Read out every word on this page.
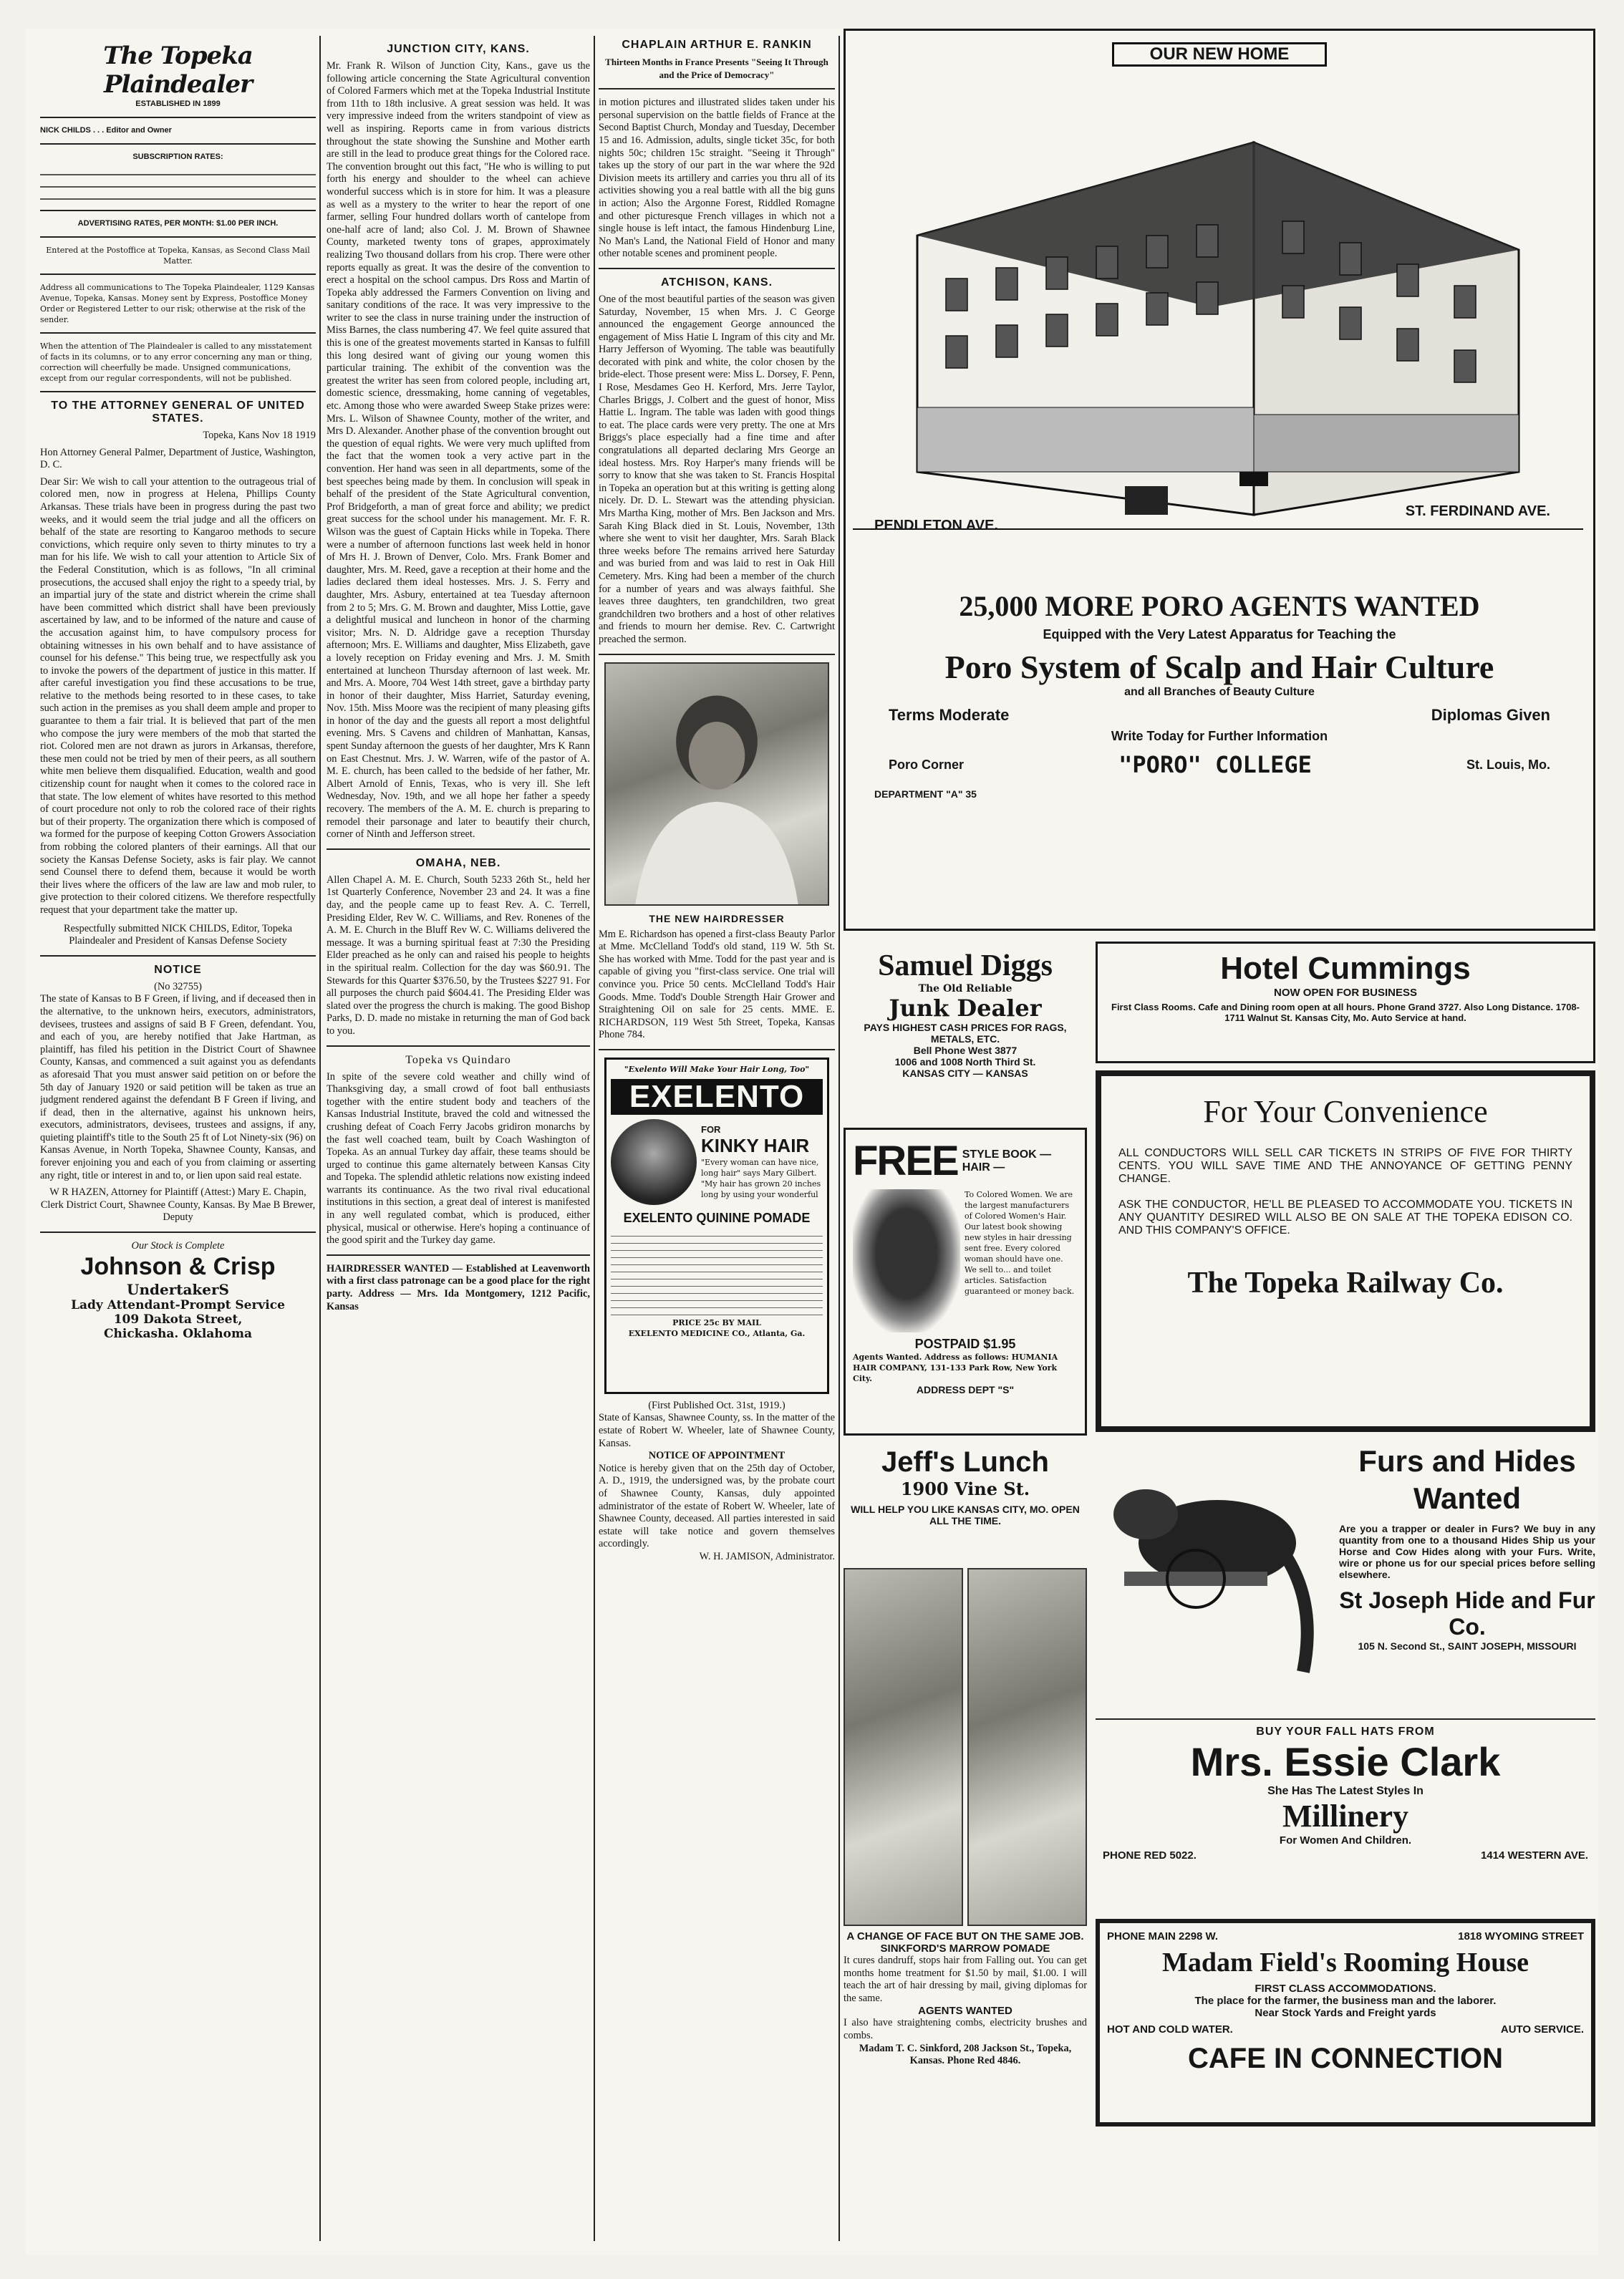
The Topeka Plaindealer
ESTABLISHED IN 1899
NICK CHILDS . . . Editor and Owner
SUBSCRIPTION RATES:
ADVERTISING RATES, PER MONTH: $1.00 PER INCH.
Entered at the Postoffice at Topeka, Kansas, as Second Class Mail Matter.
Address all communications to The Topeka Plaindealer, 1129 Kansas Avenue, Topeka, Kansas. Money sent by Express, Postoffice Money Order or Registered Letter to our risk; otherwise at the risk of the sender.
When the attention of The Plaindealer is called to any misstatement of facts in its columns, or to any error concerning any man or thing, correction will cheerfully be made. Unsigned communications, except from our regular correspondents, will not be published.
TO THE ATTORNEY GENERAL OF UNITED STATES.
Topeka, Kans Nov 18 1919
Hon Attorney General Palmer, Department of Justice, Washington, D. C.
Dear Sir: We wish to call your attention to the outrageous trial of colored men, now in progress at Helena, Phillips County Arkansas. These trials have been in progress during the past two weeks, and it would seem the trial judge and all the officers on behalf of the state are resorting to Kangaroo methods to secure convictions, which require only seven to thirty minutes to try a man for his life. We wish to call your attention to Article Six of the Federal Constitution, which is as follows, "In all criminal prosecutions, the accused shall enjoy the right to a speedy trial, by an impartial jury of the state and district wherein the crime shall have been committed which district shall have been previously ascertained by law, and to be informed of the nature and cause of the accusation against him, to have compulsory process for obtaining witnesses in his own behalf and to have assistance of counsel for his defense." This being true, we respectfully ask you to invoke the powers of the department of justice in this matter. If after careful investigation you find these accusations to be true, relative to the methods being resorted to in these cases, to take such action in the premises as you shall deem ample and proper to guarantee to them a fair trial. It is believed that part of the men who compose the jury were members of the mob that started the riot. Colored men are not drawn as jurors in Arkansas, therefore, these men could not be tried by men of their peers, as all southern white men believe them disqualified. Education, wealth and good citizenship count for naught when it comes to the colored race in that state. The low element of whites have resorted to this method of court procedure not only to rob the colored race of their rights but of their property. The organization there which is composed of wa formed for the purpose of keeping Cotton Growers Association from robbing the colored planters of their earnings. All that our society the Kansas Defense Society, asks is fair play. We cannot send Counsel there to defend them, because it would be worth their lives where the officers of the law are law and mob ruler, to give protection to their colored citizens. We therefore respectfully request that your department take the matter up.
Respectfully submitted NICK CHILDS, Editor, Topeka Plaindealer and President of Kansas Defense Society
NOTICE
(No 32755)
The state of Kansas to B F Green, if living, and if deceased then in the alternative, to the unknown heirs, executors, administrators, devisees, trustees and assigns of said B F Green, defendant. You, and each of you, are hereby notified that Jake Hartman, as plaintiff, has filed his petition in the District Court of Shawnee County, Kansas, and commenced a suit against you as defendants as aforesaid That you must answer said petition on or before the 5th day of January 1920 or said petition will be taken as true an judgment rendered against the defendant B F Green if living, and if dead, then in the alternative, against his unknown heirs, executors, administrators, devisees, trustees and assigns, if any, quieting plaintiff's title to the South 25 ft of Lot Ninety-six (96) on Kansas Avenue, in North Topeka, Shawnee County, Kansas, and forever enjoining you and each of you from claiming or asserting any right, title or interest in and to, or lien upon said real estate.
W R HAZEN, Attorney for Plaintiff (Attest:) Mary E. Chapin, Clerk District Court, Shawnee County, Kansas. By Mae B Brewer, Deputy
Our Stock is Complete
Johnson & Crisp
UndertakerS
Lady Attendant-Prompt Service
109 Dakota Street,
Chickasha. Oklahoma
JUNCTION CITY, KANS.
Mr. Frank R. Wilson of Junction City, Kans., gave us the following article concerning the State Agricultural convention of Colored Farmers which met at the Topeka Industrial Institute from 11th to 18th inclusive. A great session was held. It was very impressive indeed from the writers standpoint of view as well as inspiring. Reports came in from various districts throughout the state showing the Sunshine and Mother earth are still in the lead to produce great things for the Colored race. The convention brought out this fact, "He who is willing to put forth his energy and shoulder to the wheel can achieve wonderful success which is in store for him. It was a pleasure as well as a mystery to the writer to hear the report of one farmer, selling Four hundred dollars worth of cantelope from one-half acre of land; also Col. J. M. Brown of Shawnee County, marketed twenty tons of grapes, approximately realizing Two thousand dollars from his crop. There were other reports equally as great. It was the desire of the convention to erect a hospital on the school campus. Drs Ross and Martin of Topeka ably addressed the Farmers Convention on living and sanitary conditions of the race. It was very impressive to the writer to see the class in nurse training under the instruction of Miss Barnes, the class numbering 47. We feel quite assured that this is one of the greatest movements started in Kansas to fulfill this long desired want of giving our young women this particular training. The exhibit of the convention was the greatest the writer has seen from colored people, including art, domestic science, dressmaking, home canning of vegetables, etc. Among those who were awarded Sweep Stake prizes were: Mrs. L. Wilson of Shawnee County, mother of the writer, and Mrs D. Alexander. Another phase of the convention brought out the question of equal rights. We were very much uplifted from the fact that the women took a very active part in the convention. Her hand was seen in all departments, some of the best speeches being made by them. In conclusion will speak in behalf of the president of the State Agricultural convention, Prof Bridgeforth, a man of great force and ability; we predict great success for the school under his management. Mr. F. R. Wilson was the guest of Captain Hicks while in Topeka. There were a number of afternoon functions last week held in honor of Mrs H. J. Brown of Denver, Colo. Mrs. Frank Bomer and daughter, Mrs. M. Reed, gave a reception at their home and the ladies declared them ideal hostesses. Mrs. J. S. Ferry and daughter, Mrs. Asbury, entertained at tea Tuesday afternoon from 2 to 5; Mrs. G. M. Brown and daughter, Miss Lottie, gave a delightful musical and luncheon in honor of the charming visitor; Mrs. N. D. Aldridge gave a reception Thursday afternoon; Mrs. E. Williams and daughter, Miss Elizabeth, gave a lovely reception on Friday evening and Mrs. J. M. Smith entertained at luncheon Thursday afternoon of last week. Mr. and Mrs. A. Moore, 704 West 14th street, gave a birthday party in honor of their daughter, Miss Harriet, Saturday evening, Nov. 15th. Miss Moore was the recipient of many pleasing gifts in honor of the day and the guests all report a most delightful evening. Mrs. S Cavens and children of Manhattan, Kansas, spent Sunday afternoon the guests of her daughter, Mrs K Rann on East Chestnut. Mrs. J. W. Warren, wife of the pastor of A. M. E. church, has been called to the bedside of her father, Mr. Albert Arnold of Ennis, Texas, who is very ill. She left Wednesday, Nov. 19th, and we all hope her father a speedy recovery. The members of the A. M. E. church is preparing to remodel their parsonage and later to beautify their church, corner of Ninth and Jefferson street.
OMAHA, NEB.
Allen Chapel A. M. E. Church, South 5233 26th St., held her 1st Quarterly Conference, November 23 and 24. It was a fine day, and the people came up to feast Rev. A. C. Terrell, Presiding Elder, Rev W. C. Williams, and Rev. Ronenes of the A. M. E. Church in the Bluff Rev W. C. Williams delivered the message. It was a burning spiritual feast at 7:30 the Presiding Elder preached as he only can and raised his people to heights in the spiritual realm. Collection for the day was $60.91. The Stewards for this Quarter $376.50, by the Trustees $227 91. For all purposes the church paid $604.41. The Presiding Elder was slated over the progress the church is making. The good Bishop Parks, D. D. made no mistake in returning the man of God back to you.
Topeka vs Quindaro
In spite of the severe cold weather and chilly wind of Thanksgiving day, a small crowd of foot ball enthusiasts together with the entire student body and teachers of the Kansas Industrial Institute, braved the cold and witnessed the crushing defeat of Coach Ferry Jacobs gridiron monarchs by the fast well coached team, built by Coach Washington of Topeka. As an annual Turkey day affair, these teams should be urged to continue this game alternately between Kansas City and Topeka. The splendid athletic relations now existing indeed warrants its continuance. As the two rival rival educational institutions in this section, a great deal of interest is manifested in any well regulated combat, which is produced, either physical, musical or otherwise. Here's hoping a continuance of the good spirit and the Turkey day game.
HAIRDRESSER WANTED — Established at Leavenworth with a first class patronage can be a good place for the right party. Address — Mrs. Ida Montgomery, 1212 Pacific, Kansas
CHAPLAIN ARTHUR E. RANKIN
Thirteen Months in France Presents "Seeing It Through and the Price of Democracy"
in motion pictures and illustrated slides taken under his personal supervision on the battle fields of France at the Second Baptist Church, Monday and Tuesday, December 15 and 16. Admission, adults, single ticket 35c, for both nights 50c; children 15c straight. "Seeing it Through" takes up the story of our part in the war where the 92d Division meets its artillery and carries you thru all of its activities showing you a real battle with all the big guns in action; Also the Argonne Forest, Riddled Romagne and other picturesque French villages in which not a single house is left intact, the famous Hindenburg Line, No Man's Land, the National Field of Honor and many other notable scenes and prominent people.
ATCHISON, KANS.
One of the most beautiful parties of the season was given Saturday, November, 15 when Mrs. J. C George announced the engagement George announced the engagement of Miss Hatie L Ingram of this city and Mr. Harry Jefferson of Wyoming. The table was beautifully decorated with pink and white, the color chosen by the bride-elect. Those present were: Miss L. Dorsey, F. Penn, I Rose, Mesdames Geo H. Kerford, Mrs. Jerre Taylor, Charles Briggs, J. Colbert and the guest of honor, Miss Hattie L. Ingram. The table was laden with good things to eat. The place cards were very pretty. The one at Mrs Briggs's place especially had a fine time and after congratulations all departed declaring Mrs George an ideal hostess. Mrs. Roy Harper's many friends will be sorry to know that she was taken to St. Francis Hospital in Topeka an operation but at this writing is getting along nicely. Dr. D. L. Stewart was the attending physician. Mrs Martha King, mother of Mrs. Ben Jackson and Mrs. Sarah King Black died in St. Louis, November, 13th where she went to visit her daughter, Mrs. Sarah Black three weeks before The remains arrived here Saturday and was buried from and was laid to rest in Oak Hill Cemetery. Mrs. King had been a member of the church for a number of years and was always faithful. She leaves three daughters, ten grandchildren, two great grandchildren two brothers and a host of other relatives and friends to mourn her demise. Rev. C. Cartwright preached the sermon.
THE NEW HAIRDRESSER
Mm E. Richardson has opened a first-class Beauty Parlor at Mme. McClelland Todd's old stand, 119 W. 5th St. She has worked with Mme. Todd for the past year and is capable of giving you "first-class service. One trial will convince you. Price 50 cents. McClelland Todd's Hair Goods. Mme. Todd's Double Strength Hair Grower and Straightening Oil on sale for 25 cents. MME. E. RICHARDSON, 119 West 5th Street, Topeka, Kansas Phone 784.
"Exelento Will Make Your Hair Long, Too"
EXELENTO
FOR
KINKY HAIR
"Every woman can have nice, long hair" says Mary Gilbert. "My hair has grown 20 inches long by using your wonderful
EXELENTO QUININE POMADE
PRICE 25c BY MAIL
EXELENTO MEDICINE CO., Atlanta, Ga.
(First Published Oct. 31st, 1919.)
State of Kansas, Shawnee County, ss. In the matter of the estate of Robert W. Wheeler, late of Shawnee County, Kansas.
NOTICE OF APPOINTMENT
Notice is hereby given that on the 25th day of October, A. D., 1919, the undersigned was, by the probate court of Shawnee County, Kansas, duly appointed administrator of the estate of Robert W. Wheeler, late of Shawnee County, deceased. All parties interested in said estate will take notice and govern themselves accordingly.
W. H. JAMISON, Administrator.
OUR NEW HOME
PENDLETON AVE.
ST. FERDINAND AVE.
25,000 MORE PORO AGENTS WANTED
Equipped with the Very Latest Apparatus for Teaching the
Poro System of Scalp and Hair Culture
and all Branches of Beauty Culture
Terms Moderate	Diplomas Given
Write Today for Further Information
Poro Corner	"PORO" COLLEGE	St. Louis, Mo.
DEPARTMENT "A" 35
Samuel Diggs
The Old Reliable
Junk Dealer
PAYS HIGHEST CASH PRICES FOR RAGS, METALS, ETC.
Bell Phone West 3877
1006 and 1008 North Third St.
KANSAS CITY — KANSAS
FREE STYLE BOOK — HAIR —
To Colored Women. We are the largest manufacturers of Colored Women's Hair. Our latest book showing new styles in hair dressing sent free. Every colored woman should have one. We sell to... and toilet articles. Satisfaction guaranteed or money back.
POSTPAID $1.95
Agents Wanted. Address as follows: HUMANIA HAIR COMPANY, 131-133 Park Row, New York City.
ADDRESS DEPT "S"
Jeff's Lunch
1900 Vine St.
WILL HELP YOU LIKE KANSAS CITY, MO. OPEN ALL THE TIME.
A CHANGE OF FACE BUT ON THE SAME JOB.
SINKFORD'S MARROW POMADE
It cures dandruff, stops hair from Falling out. You can get months home treatment for $1.50 by mail, $1.00. I will teach the art of hair dressing by mail, giving diplomas for the same.
AGENTS WANTED
I also have straightening combs, electricity brushes and combs.
Madam T. C. Sinkford, 208 Jackson St., Topeka, Kansas. Phone Red 4846.
Hotel Cummings
NOW OPEN FOR BUSINESS
First Class Rooms. Cafe and Dining room open at all hours. Phone Grand 3727. Also Long Distance. 1708-1711 Walnut St. Kansas City, Mo. Auto Service at hand.
For Your Convenience
ALL CONDUCTORS WILL SELL CAR TICKETS IN STRIPS OF FIVE FOR THIRTY CENTS. YOU WILL SAVE TIME AND THE ANNOYANCE OF GETTING PENNY CHANGE.
ASK THE CONDUCTOR, HE'LL BE PLEASED TO ACCOMMODATE YOU. TICKETS IN ANY QUANTITY DESIRED WILL ALSO BE ON SALE AT THE TOPEKA EDISON CO. AND THIS COMPANY'S OFFICE.
The Topeka Railway Co.
Furs and Hides Wanted
Are you a trapper or dealer in Furs? We buy in any quantity from one to a thousand Hides Ship us your Horse and Cow Hides along with your Furs. Write, wire or phone us for our special prices before selling elsewhere.
St Joseph Hide and Fur Co.
105 N. Second St., SAINT JOSEPH, MISSOURI
BUY YOUR FALL HATS FROM
Mrs. Essie Clark
She Has The Latest Styles In
Millinery
For Women And Children.
PHONE RED 5022.	1414 WESTERN AVE.
PHONE MAIN 2298 W.	1818 WYOMING STREET
Madam Field's Rooming House
FIRST CLASS ACCOMMODATIONS.
The place for the farmer, the business man and the laborer.
Near Stock Yards and Freight yards
HOT AND COLD WATER.	AUTO SERVICE.
CAFE IN CONNECTION
